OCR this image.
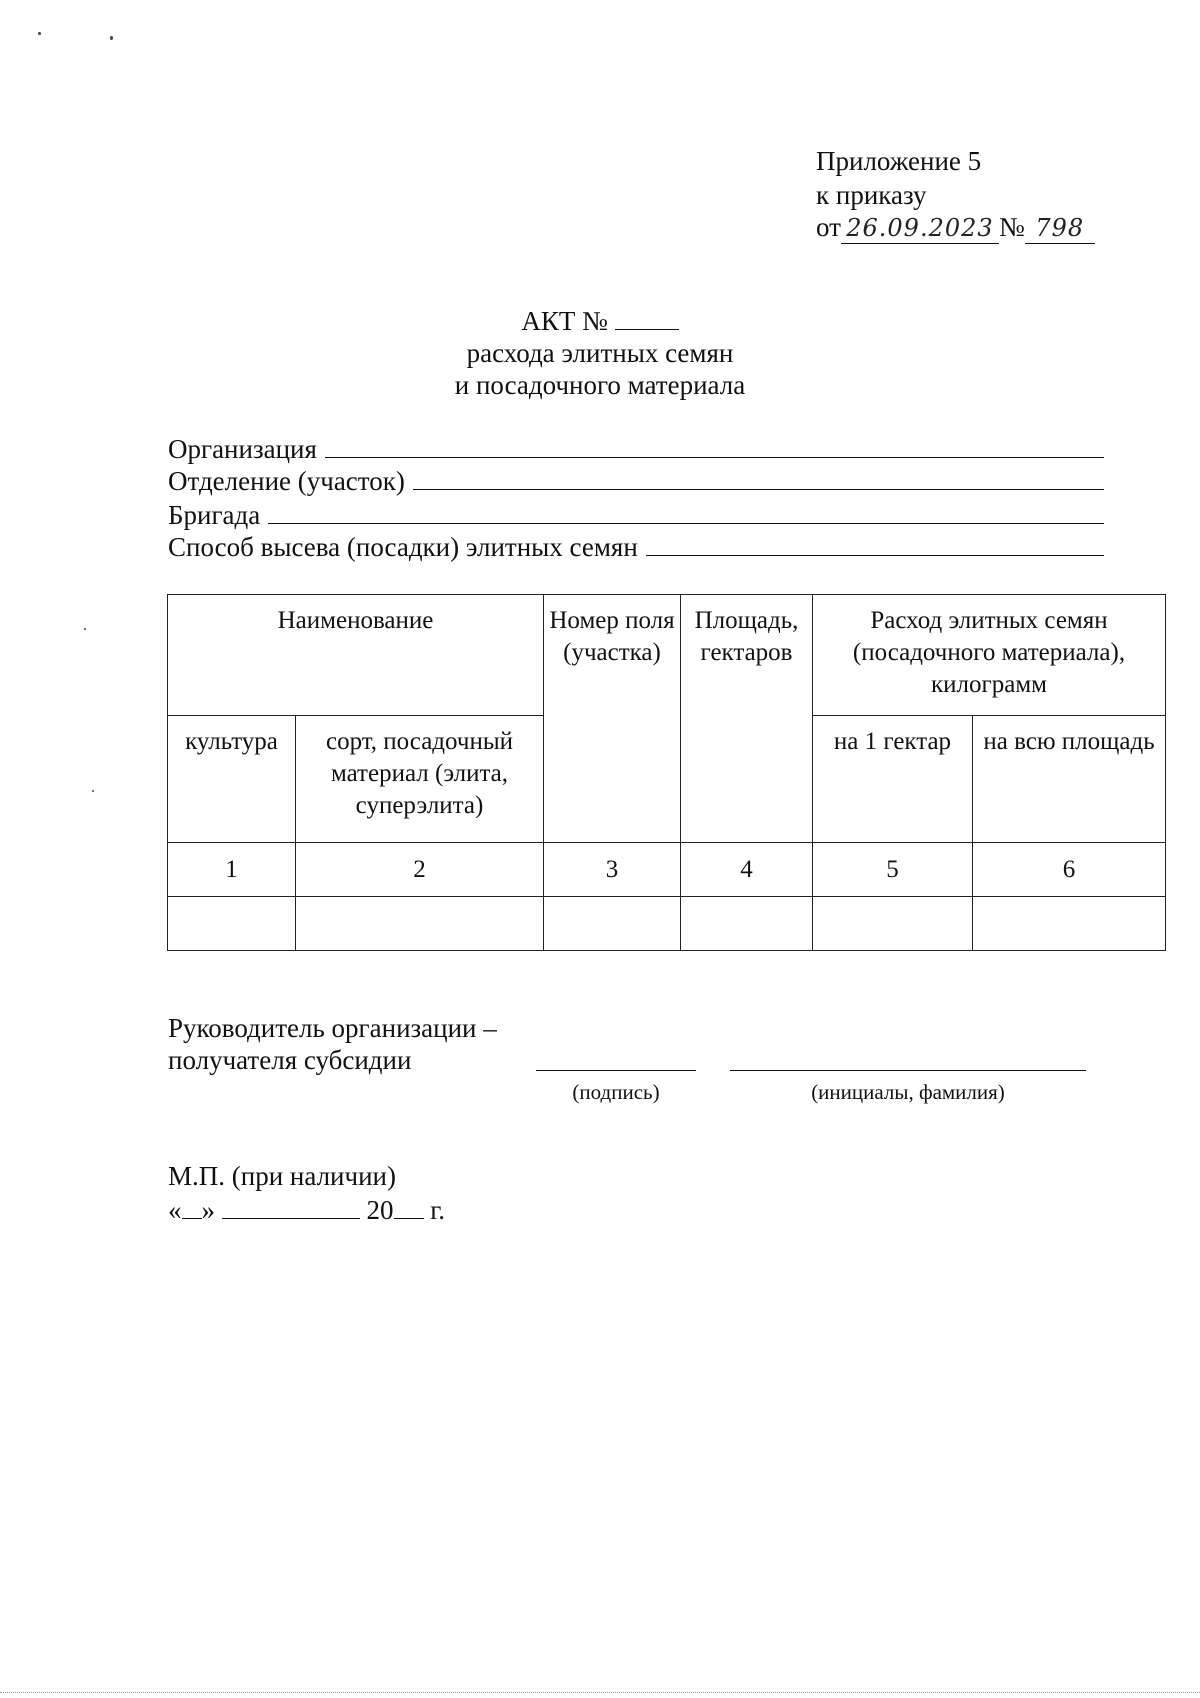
Приложение 5
к приказу
от 26.09.2023 № 798
АКТ №
расхода элитных семян
и посадочного материала
Организация
Отделение (участок)
Бригада
Способ высева (посадки) элитных семян
Наименование		Номер поля (участка)	Площадь, гектаров	Расход элитных семян (посадочного материала), килограмм	
культура	сорт, посадочный материал (элита, суперэлита)			на 1 гектар	на всю площадь
1	2	3	4	5	6

Руководитель организации –
получателя субсидии
(подпись)	(инициалы, фамилия)
М.П. (при наличии)
« »	20 г.
